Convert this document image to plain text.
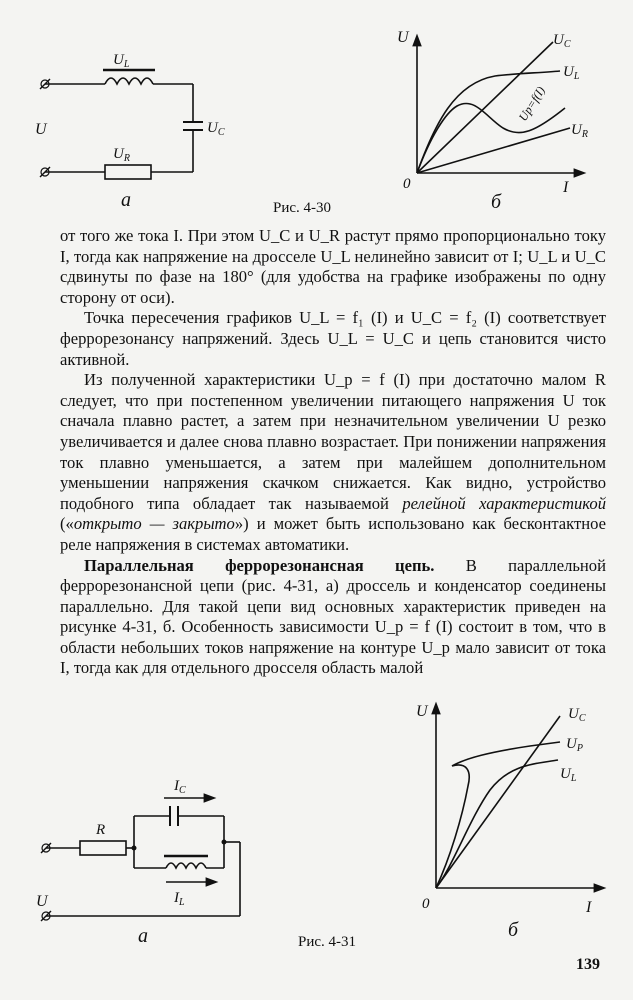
$U_L$
U	$U_C$
$U_R$
а
U
I
0
$U_C$
$U_L$
Up=f(I)
$U_R$
б
Рис. 4-30

от того же тока I. При этом U_C и U_R растут прямо пропорционально току I, тогда как напряжение на дросселе U_L нелинейно зависит от I; U_L и U_C сдвинуты по фазе на 180° (для удобства на графике изображены по одну сторону от оси).

Точка пересечения графиков U_L = f₁ (I) и U_C = f₂ (I) соответствует феррорезонансу напряжений. Здесь U_L = U_C и цепь становится чисто активной.

Из полученной характеристики U_р = f (I) при достаточно малом R следует, что при постепенном увеличении питающего напряжения U ток сначала плавно растет, а затем при незначительном увеличении U резко увеличивается и далее снова плавно возрастает. При понижении напряжения ток плавно уменьшается, а затем при малейшем дополнительном уменьшении напряжения скачком снижается. Как видно, устройство подобного типа обладает так называемой релейной характеристикой («открыто — закрыто») и может быть использовано как бесконтактное реле напряжения в системах автоматики.

Параллельная феррорезонансная цепь. В параллельной феррорезонансной цепи (рис. 4-31, а) дроссель и конденсатор соединены параллельно. Для такой цепи вид основных характеристик приведен на рисунке 4-31, б. Особенность зависимости U_р = f (I) состоит в том, что в области небольших токов напряжение на контуре U_р мало зависит от тока I, тогда как для отдельного дросселя область малой

R
$I_C$
$I_L$
U
а
U
I
0
$U_C$
$U_P$
$U_L$
б
Рис. 4-31
139
